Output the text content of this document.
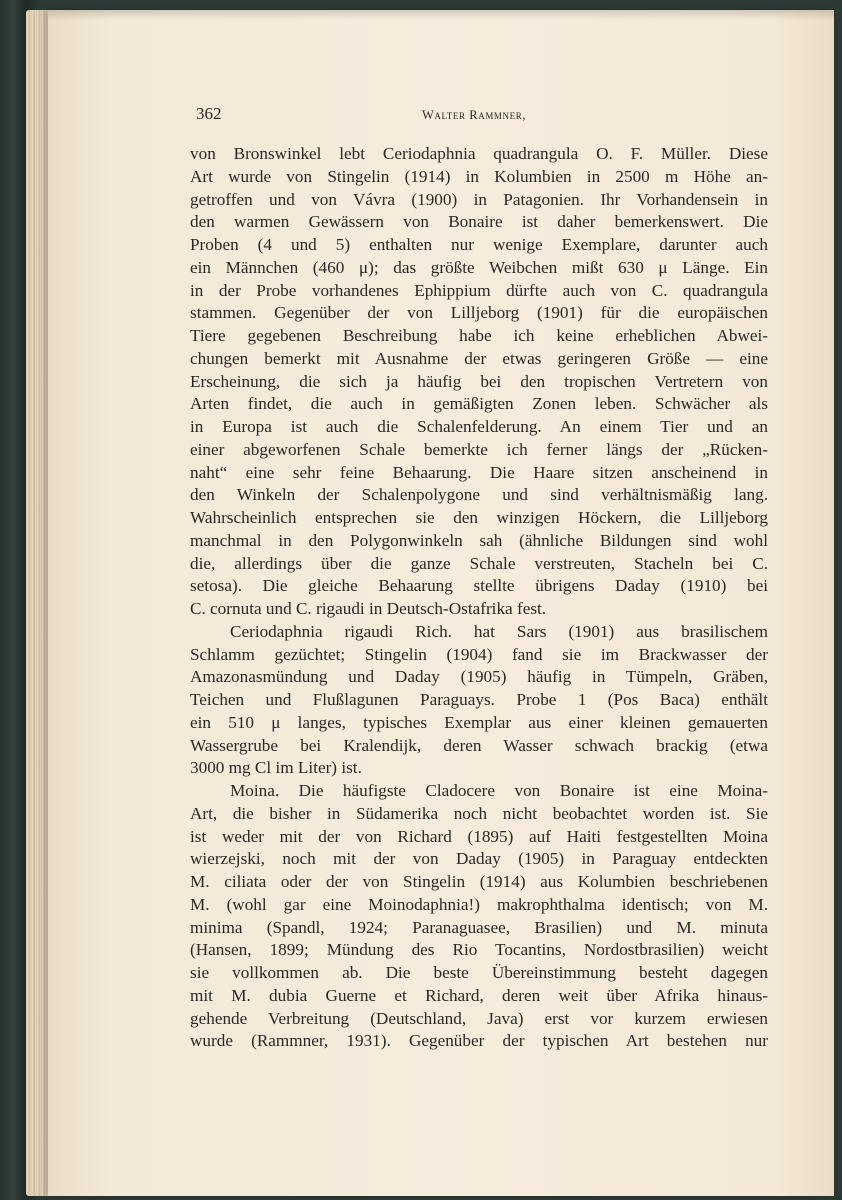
362	Walter Rammner,
von Bronswinkel lebt Ceriodaphnia quadrangula O. F. Müller. Diese
Art wurde von Stingelin (1914) in Kolumbien in 2500 m Höhe an-
getroffen und von Vávra (1900) in Patagonien. Ihr Vorhandensein in
den warmen Gewässern von Bonaire ist daher bemerkenswert. Die
Proben (4 und 5) enthalten nur wenige Exemplare, darunter auch
ein Männchen (460 μ); das größte Weibchen mißt 630 μ Länge. Ein
in der Probe vorhandenes Ephippium dürfte auch von C. quadrangula
stammen. Gegenüber der von Lilljeborg (1901) für die europäischen
Tiere gegebenen Beschreibung habe ich keine erheblichen Abwei-
chungen bemerkt mit Ausnahme der etwas geringeren Größe — eine
Erscheinung, die sich ja häufig bei den tropischen Vertretern von
Arten findet, die auch in gemäßigten Zonen leben. Schwächer als
in Europa ist auch die Schalenfelderung. An einem Tier und an
einer abgeworfenen Schale bemerkte ich ferner längs der „Rücken-
naht“ eine sehr feine Behaarung. Die Haare sitzen anscheinend in
den Winkeln der Schalenpolygone und sind verhältnismäßig lang.
Wahrscheinlich entsprechen sie den winzigen Höckern, die Lilljeborg
manchmal in den Polygonwinkeln sah (ähnliche Bildungen sind wohl
die, allerdings über die ganze Schale verstreuten, Stacheln bei C.
setosa). Die gleiche Behaarung stellte übrigens Daday (1910) bei
C. cornuta und C. rigaudi in Deutsch-Ostafrika fest.
Ceriodaphnia rigaudi Rich. hat Sars (1901) aus brasilischem
Schlamm gezüchtet; Stingelin (1904) fand sie im Brackwasser der
Amazonasmündung und Daday (1905) häufig in Tümpeln, Gräben,
Teichen und Flußlagunen Paraguays. Probe 1 (Pos Baca) enthält
ein 510 μ langes, typisches Exemplar aus einer kleinen gemauerten
Wassergrube bei Kralendijk, deren Wasser schwach brackig (etwa
3000 mg Cl im Liter) ist.
Moina. Die häufigste Cladocere von Bonaire ist eine Moina-
Art, die bisher in Südamerika noch nicht beobachtet worden ist. Sie
ist weder mit der von Richard (1895) auf Haiti festgestellten Moina
wierzejski, noch mit der von Daday (1905) in Paraguay entdeckten
M. ciliata oder der von Stingelin (1914) aus Kolumbien beschriebenen
M. (wohl gar eine Moinodaphnia!) makrophthalma identisch; von M.
minima (Spandl, 1924; Paranaguasee, Brasilien) und M. minuta
(Hansen, 1899; Mündung des Rio Tocantins, Nordostbrasilien) weicht
sie vollkommen ab. Die beste Übereinstimmung besteht dagegen
mit M. dubia Guerne et Richard, deren weit über Afrika hinaus-
gehende Verbreitung (Deutschland, Java) erst vor kurzem erwiesen
wurde (Rammner, 1931). Gegenüber der typischen Art bestehen nur
